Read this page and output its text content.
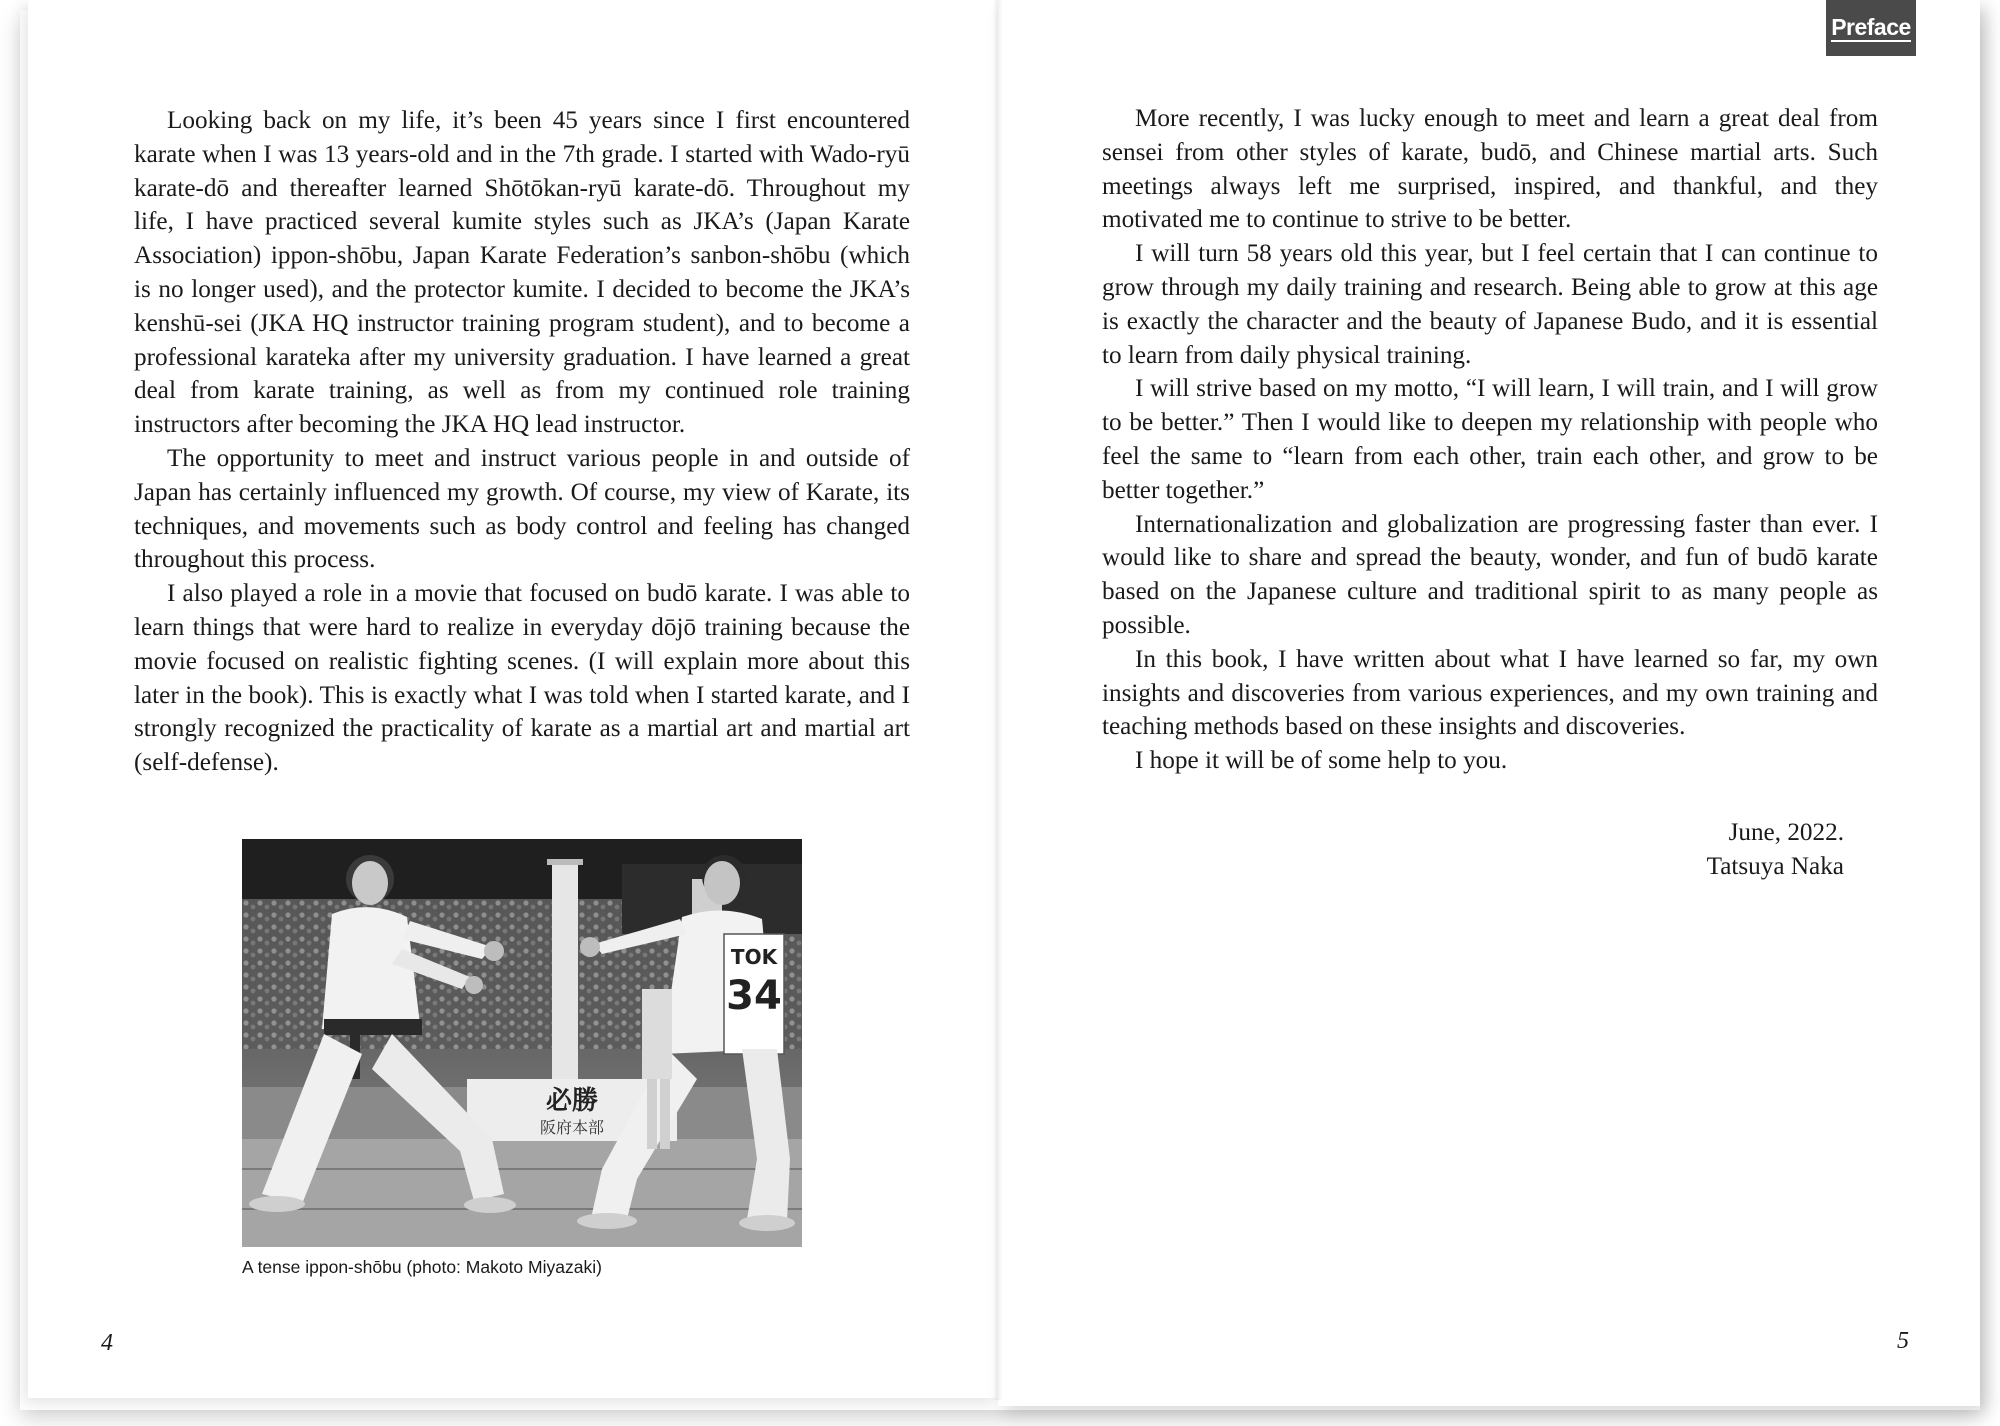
Preface

Looking back on my life, it’s been 45 years since I first encountered karate when I was 13 years-old and in the 7th grade. I started with Wado-ryū karate-dō and thereafter learned Shōtōkan-ryū karate-dō. Throughout my life, I have practiced several kumite styles such as JKA’s (Japan Karate Association) ippon-shōbu, Japan Karate Federation’s sanbon-shōbu (which is no longer used), and the protector kumite. I decided to become the JKA’s kenshū-sei (JKA HQ instructor training program student), and to become a professional karateka after my university graduation. I have learned a great deal from karate training, as well as from my continued role training instructors after becoming the JKA HQ lead instructor.

The opportunity to meet and instruct various people in and outside of Japan has certainly influenced my growth. Of course, my view of Karate, its techniques, and movements such as body control and feeling has changed throughout this process.

I also played a role in a movie that focused on budō karate. I was able to learn things that were hard to realize in everyday dōjō training because the movie focused on realistic fighting scenes. (I will explain more about this later in the book). This is exactly what I was told when I started karate, and I strongly recognized the practicality of karate as a martial art and martial art (self-defense).

必勝
阪府本部
TOK
34
A tense ippon-shōbu (photo: Makoto Miyazaki)
4

More recently, I was lucky enough to meet and learn a great deal from sensei from other styles of karate, budō, and Chinese martial arts. Such meetings always left me surprised, inspired, and thankful, and they motivated me to continue to strive to be better.

I will turn 58 years old this year, but I feel certain that I can continue to grow through my daily training and research. Being able to grow at this age is exactly the character and the beauty of Japanese Budo, and it is essential to learn from daily physical training.

I will strive based on my motto, “I will learn, I will train, and I will grow to be better.” Then I would like to deepen my relationship with people who feel the same to “learn from each other, train each other, and grow to be better together.”

Internationalization and globalization are progressing faster than ever. I would like to share and spread the beauty, wonder, and fun of budō karate based on the Japanese culture and traditional spirit to as many people as possible.

In this book, I have written about what I have learned so far, my own insights and discoveries from various experiences, and my own training and teaching methods based on these insights and discoveries.

I hope it will be of some help to you.

June, 2022.
Tatsuya Naka
5
